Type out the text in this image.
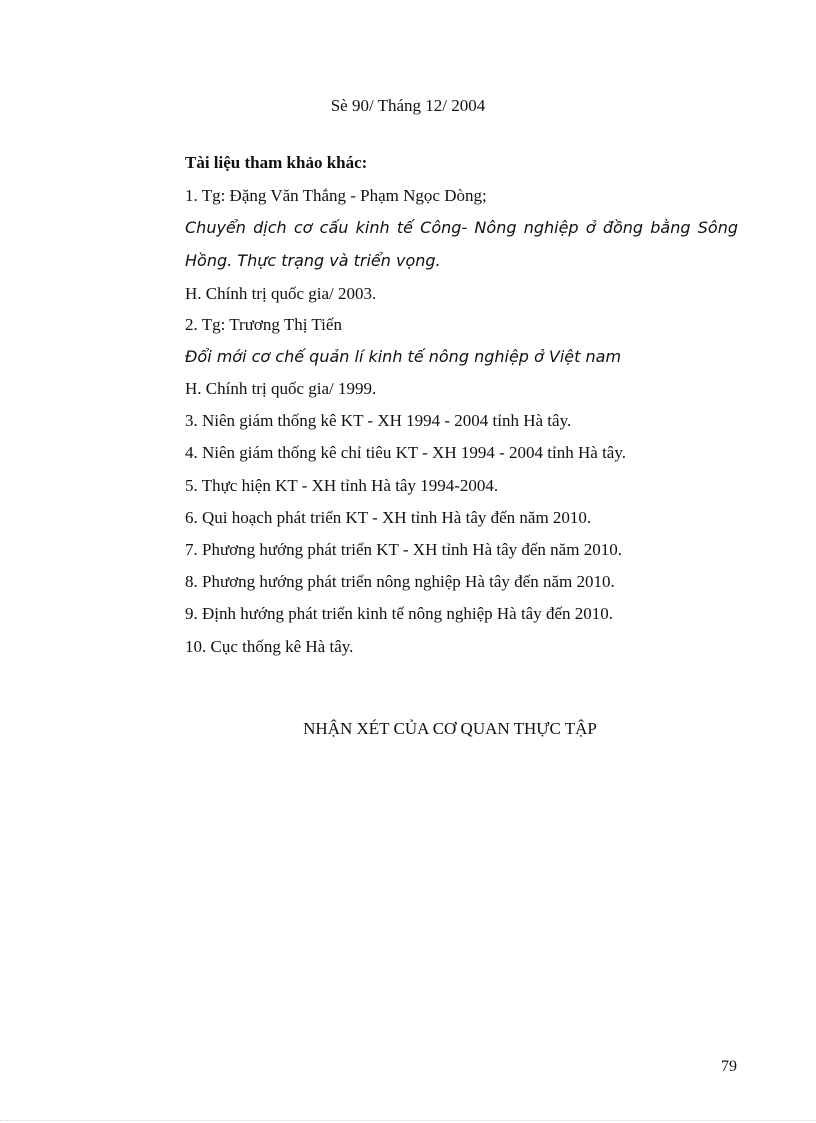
Sè 90/ Tháng 12/ 2004
Tài liệu tham khảo khác:
1. Tg: Đặng Văn Thắng - Phạm Ngọc Dòng;
Chuyển dịch cơ cấu kinh tế Công- Nông nghiệp ở đồng bằng Sông
Hồng. Thực trạng và triển vọng.
H. Chính trị quốc gia/ 2003.
2. Tg: Trương Thị Tiến
Đổi mới cơ chế quản lí kinh tế nông nghiệp ở Việt nam
H. Chính trị quốc gia/ 1999.
3. Niên giám thống kê KT - XH 1994 - 2004 tỉnh Hà tây.
4. Niên giám thống kê chỉ tiêu KT - XH 1994 - 2004 tỉnh Hà tây.
5. Thực hiện KT - XH tỉnh Hà tây 1994-2004.
6. Qui hoạch phát triển KT - XH tỉnh Hà tây đến năm 2010.
7. Phương hướng phát triển KT - XH tỉnh Hà tây đến năm 2010.
8. Phương hướng phát triển nông nghiệp Hà tây đến năm 2010.
9. Định hướng phát triển kinh tế nông nghiệp Hà tây đến 2010.
10. Cục thống kê Hà tây.
NHẬN XÉT CỦA CƠ QUAN THỰC TẬP
79
